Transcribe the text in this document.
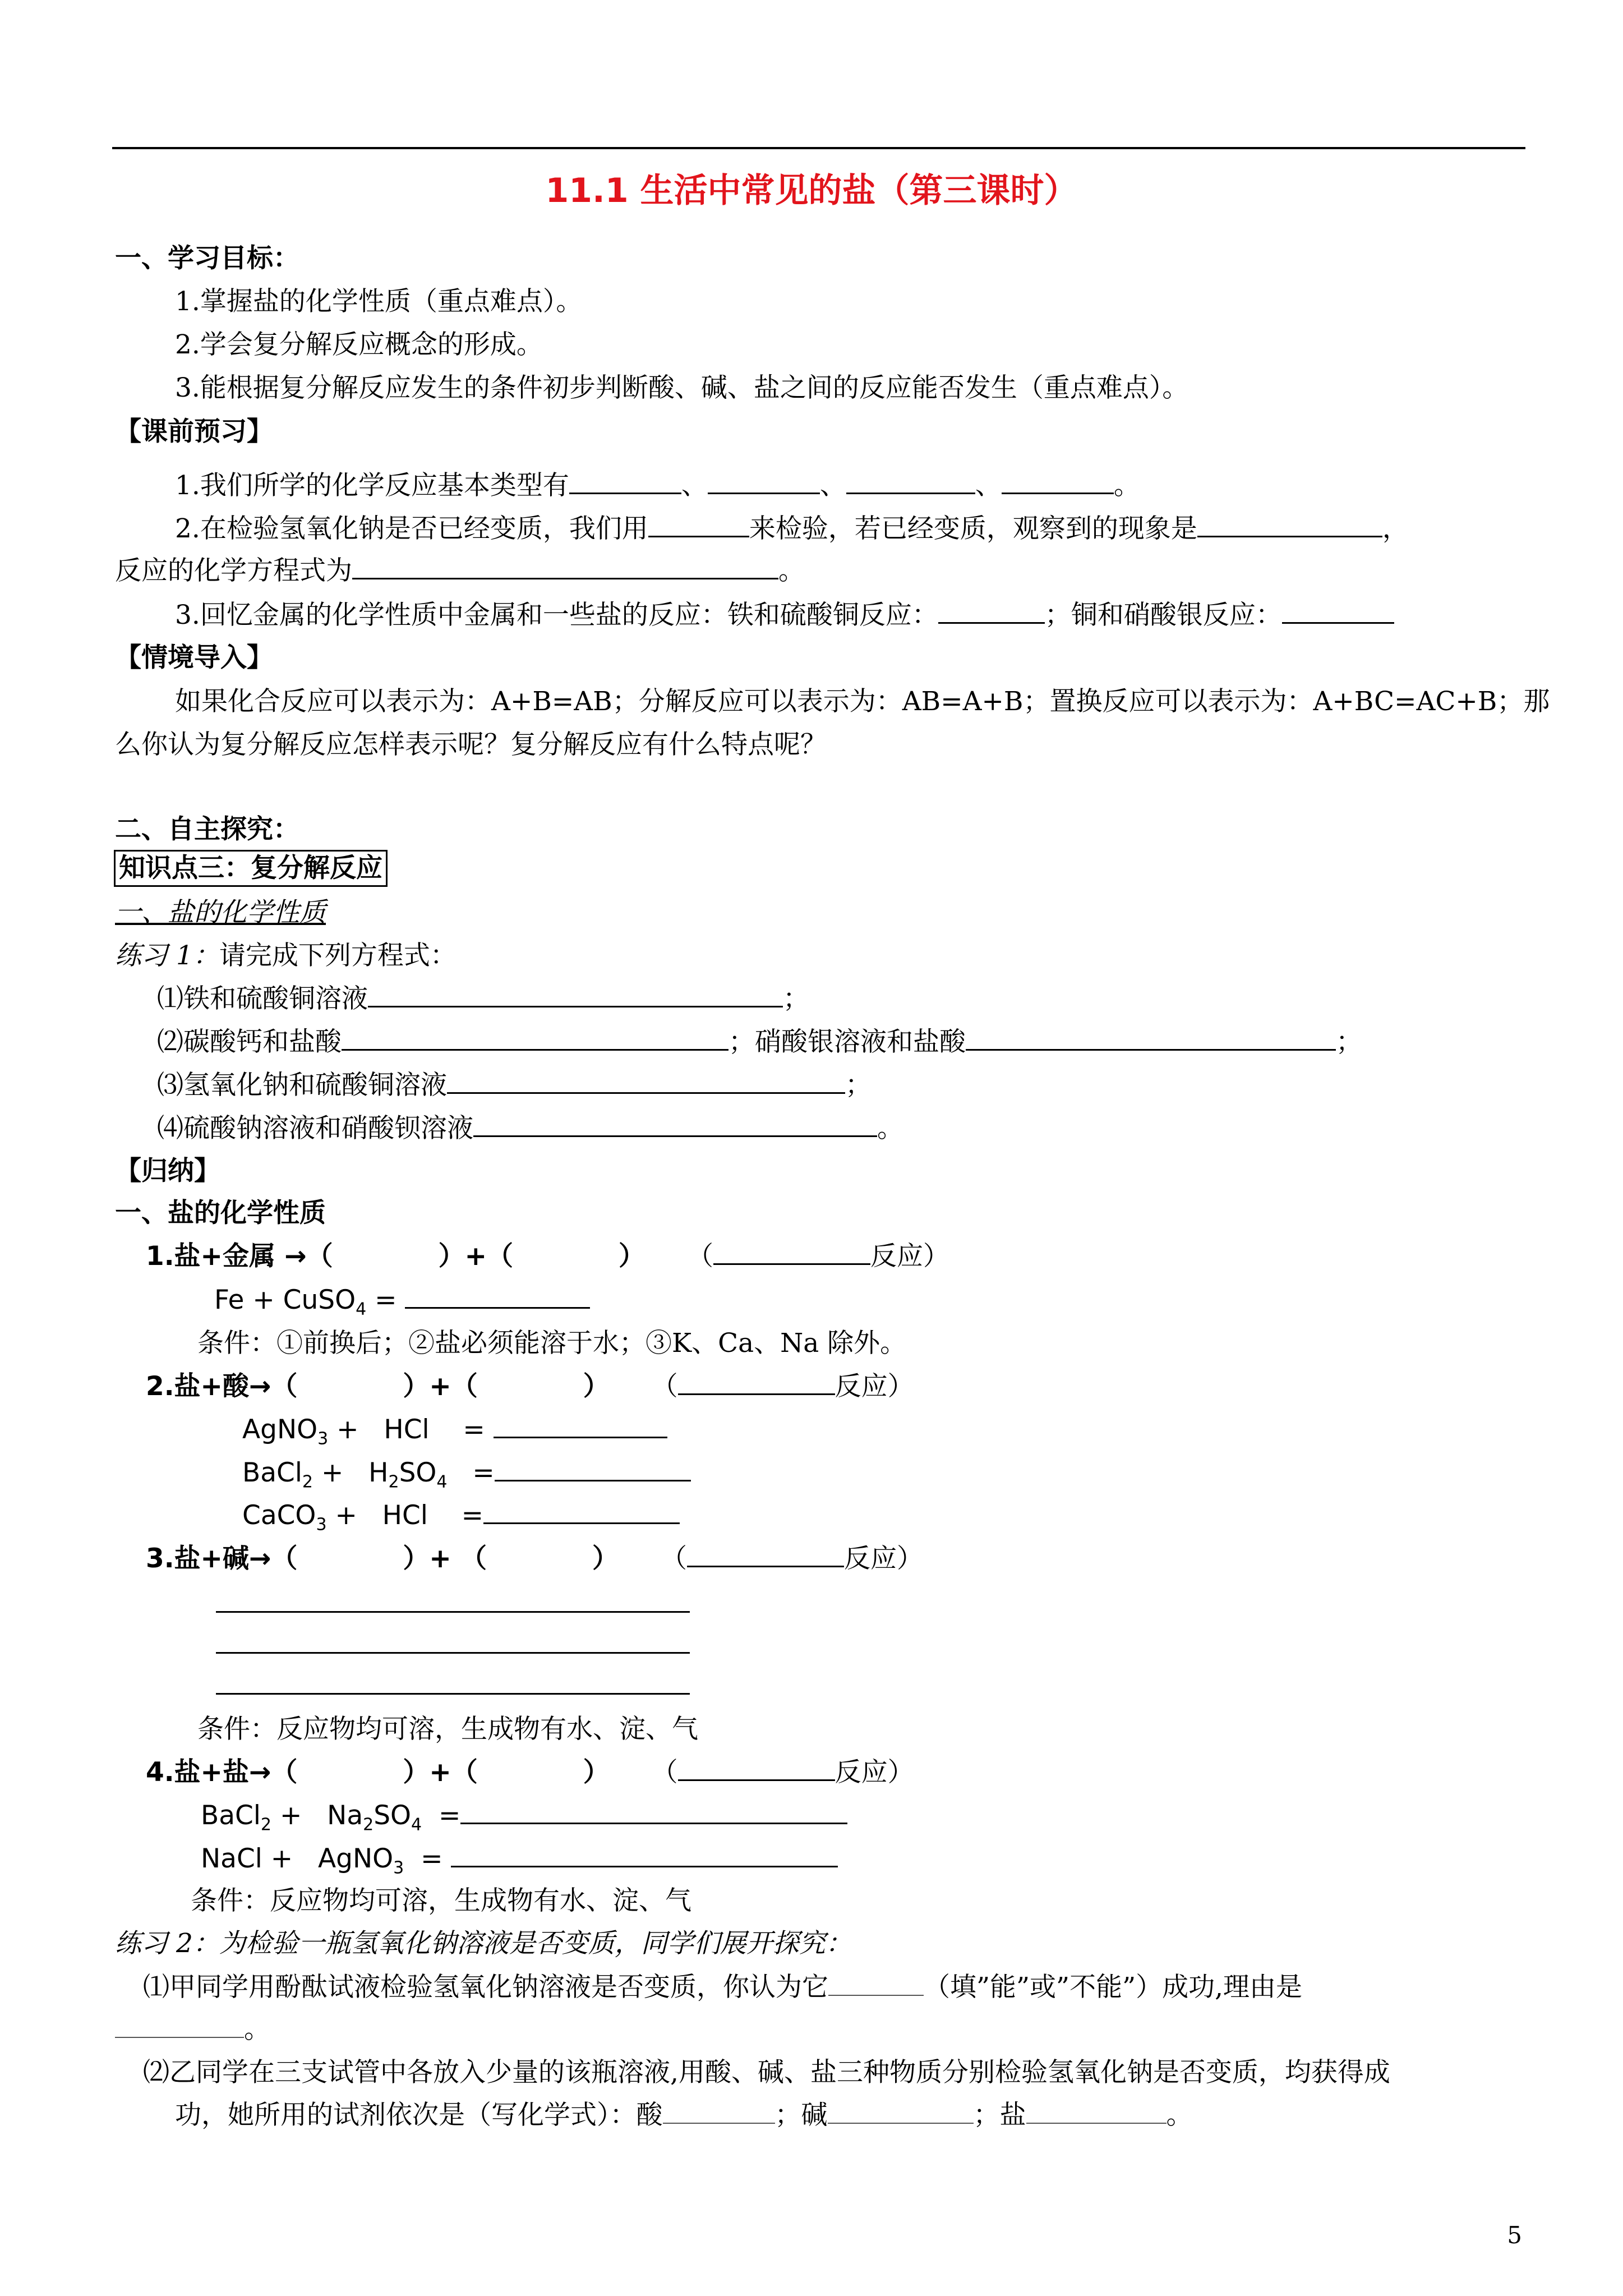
11.1 生活中常见的盐（第三课时）
一、学习目标：
1.掌握盐的化学性质（重点难点）。
2.学会复分解反应概念的形成。
3.能根据复分解反应发生的条件初步判断酸、碱、盐之间的反应能否发生（重点难点）。
【课前预习】
1.我们所学的化学反应基本类型有	、	、	、	。
2.在检验氢氧化钠是否已经变质，我们用	来检验，若已经变质，观察到的现象是	，
反应的化学方程式为	。
3.回忆金属的化学性质中金属和一些盐的反应：铁和硫酸铜反应：	；铜和硝酸银反应：
【情境导入】
如果化合反应可以表示为：A+B=AB；分解反应可以表示为：AB=A+B；置换反应可以表示为：A+BC=AC+B；那
么你认为复分解反应怎样表示呢？复分解反应有什么特点呢？
二、自主探究：
知识点三：复分解反应
一、盐的化学性质
练习 1：请完成下列方程式：
⑴铁和硫酸铜溶液	；
⑵碳酸钙和盐酸	；硝酸银溶液和盐酸	；
⑶氢氧化钠和硫酸铜溶液	；
⑷硫酸钠溶液和硝酸钡溶液	。
【归纳】
一、盐的化学性质
1.盐+金属 →（　　　　）+（　　　　） （	反应）
Fe + CuSO$_4$ =
条件：①前换后；②盐必须能溶于水；③K、Ca、Na 除外。
2.盐+酸→（　　　　）+（　　　　） （	反应）
AgNO$_3$ +   HCl    =
BaCl$_2$ +   $H_2SO_4$   =
CaCO$_3$ +   HCl    =
3.盐+碱→（　　　　）+ （　　　　） （	反应）
条件：反应物均可溶，生成物有水、淀、气
4.盐+盐→（　　　　）+（　　　　） （	反应）
BaCl$_2$ +   $Na_2SO_4$  =
NaCl +   AgNO$_3$  =
条件：反应物均可溶，生成物有水、淀、气
练习 2：为检验一瓶氢氧化钠溶液是否变质，同学们展开探究：
⑴甲同学用酚酞试液检验氢氧化钠溶液是否变质，你认为它	（填”能”或”不能”）成功,理由是
。
⑵乙同学在三支试管中各放入少量的该瓶溶液,用酸、碱、盐三种物质分别检验氢氧化钠是否变质，均获得成
功，她所用的试剂依次是（写化学式）：酸	；碱	；盐	。
5
